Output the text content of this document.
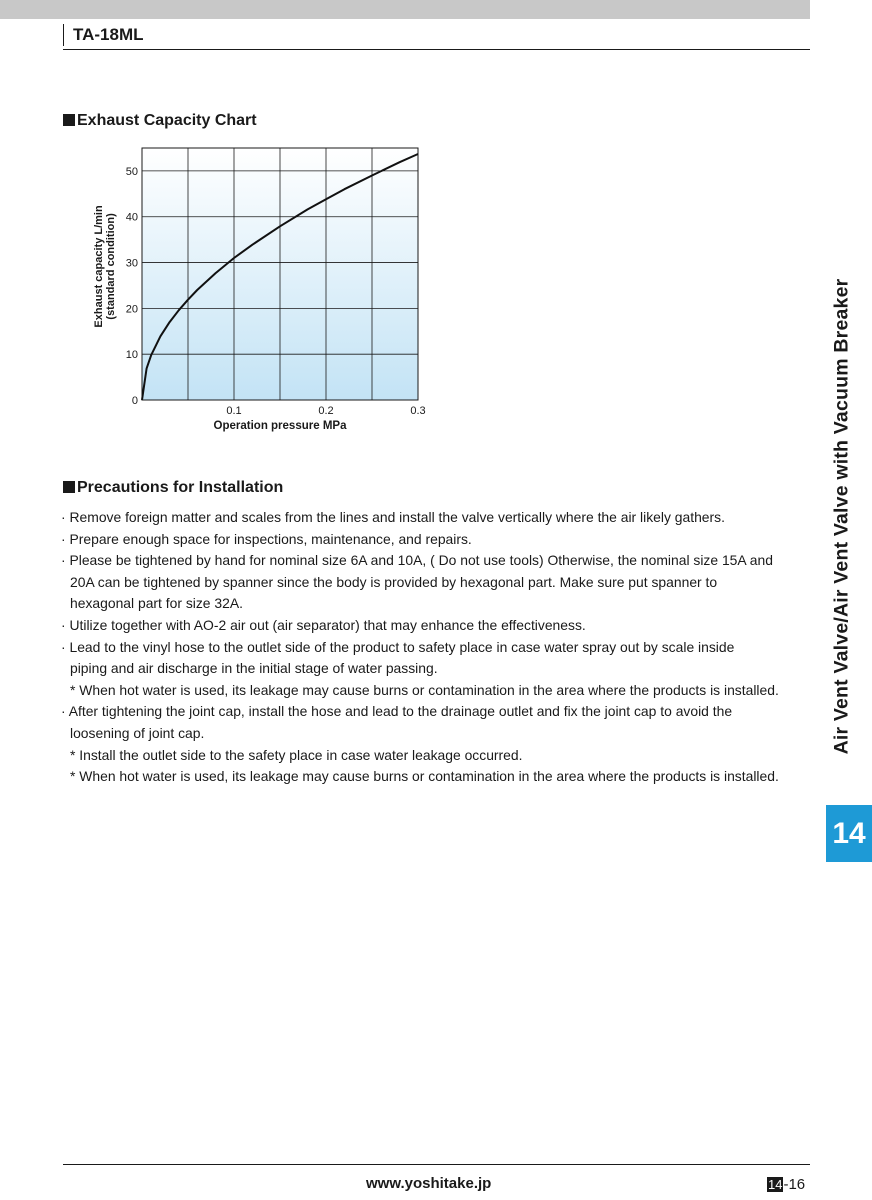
TA-18ML
Exhaust Capacity Chart
0
10
20
30
40
50
0.1	0.2	0.3
Operation pressure MPa
Exhaust capacity L/min (standard condition)
Precautions for Installation
· Remove foreign matter and scales from the lines and install the valve vertically where the air likely gathers.
· Prepare enough space for inspections, maintenance, and repairs.
· Please be tightened by hand for nominal size 6A and 10A, ( Do not use tools) Otherwise, the nominal size 15A and
20A can be tightened by spanner since the body is provided by hexagonal part. Make sure put spanner to
hexagonal part for size 32A.
· Utilize together with AO-2 air out (air separator) that may enhance the effectiveness.
· Lead to the vinyl hose to the outlet side of the product to safety place in case water spray out by scale inside
piping and air discharge in the initial stage of water passing.
* When hot water is used, its leakage may cause burns or contamination in the area where the products is installed.
· After tightening the joint cap, install the hose and lead to the drainage outlet and fix the joint cap to avoid the
loosening of joint cap.
* Install the outlet side to the safety place in case water leakage occurred.
* When hot water is used, its leakage may cause burns or contamination in the area where the products is installed.
Air Vent Valve/Air Vent Valve with Vacuum Breaker
14
www.yoshitake.jp	14-16
